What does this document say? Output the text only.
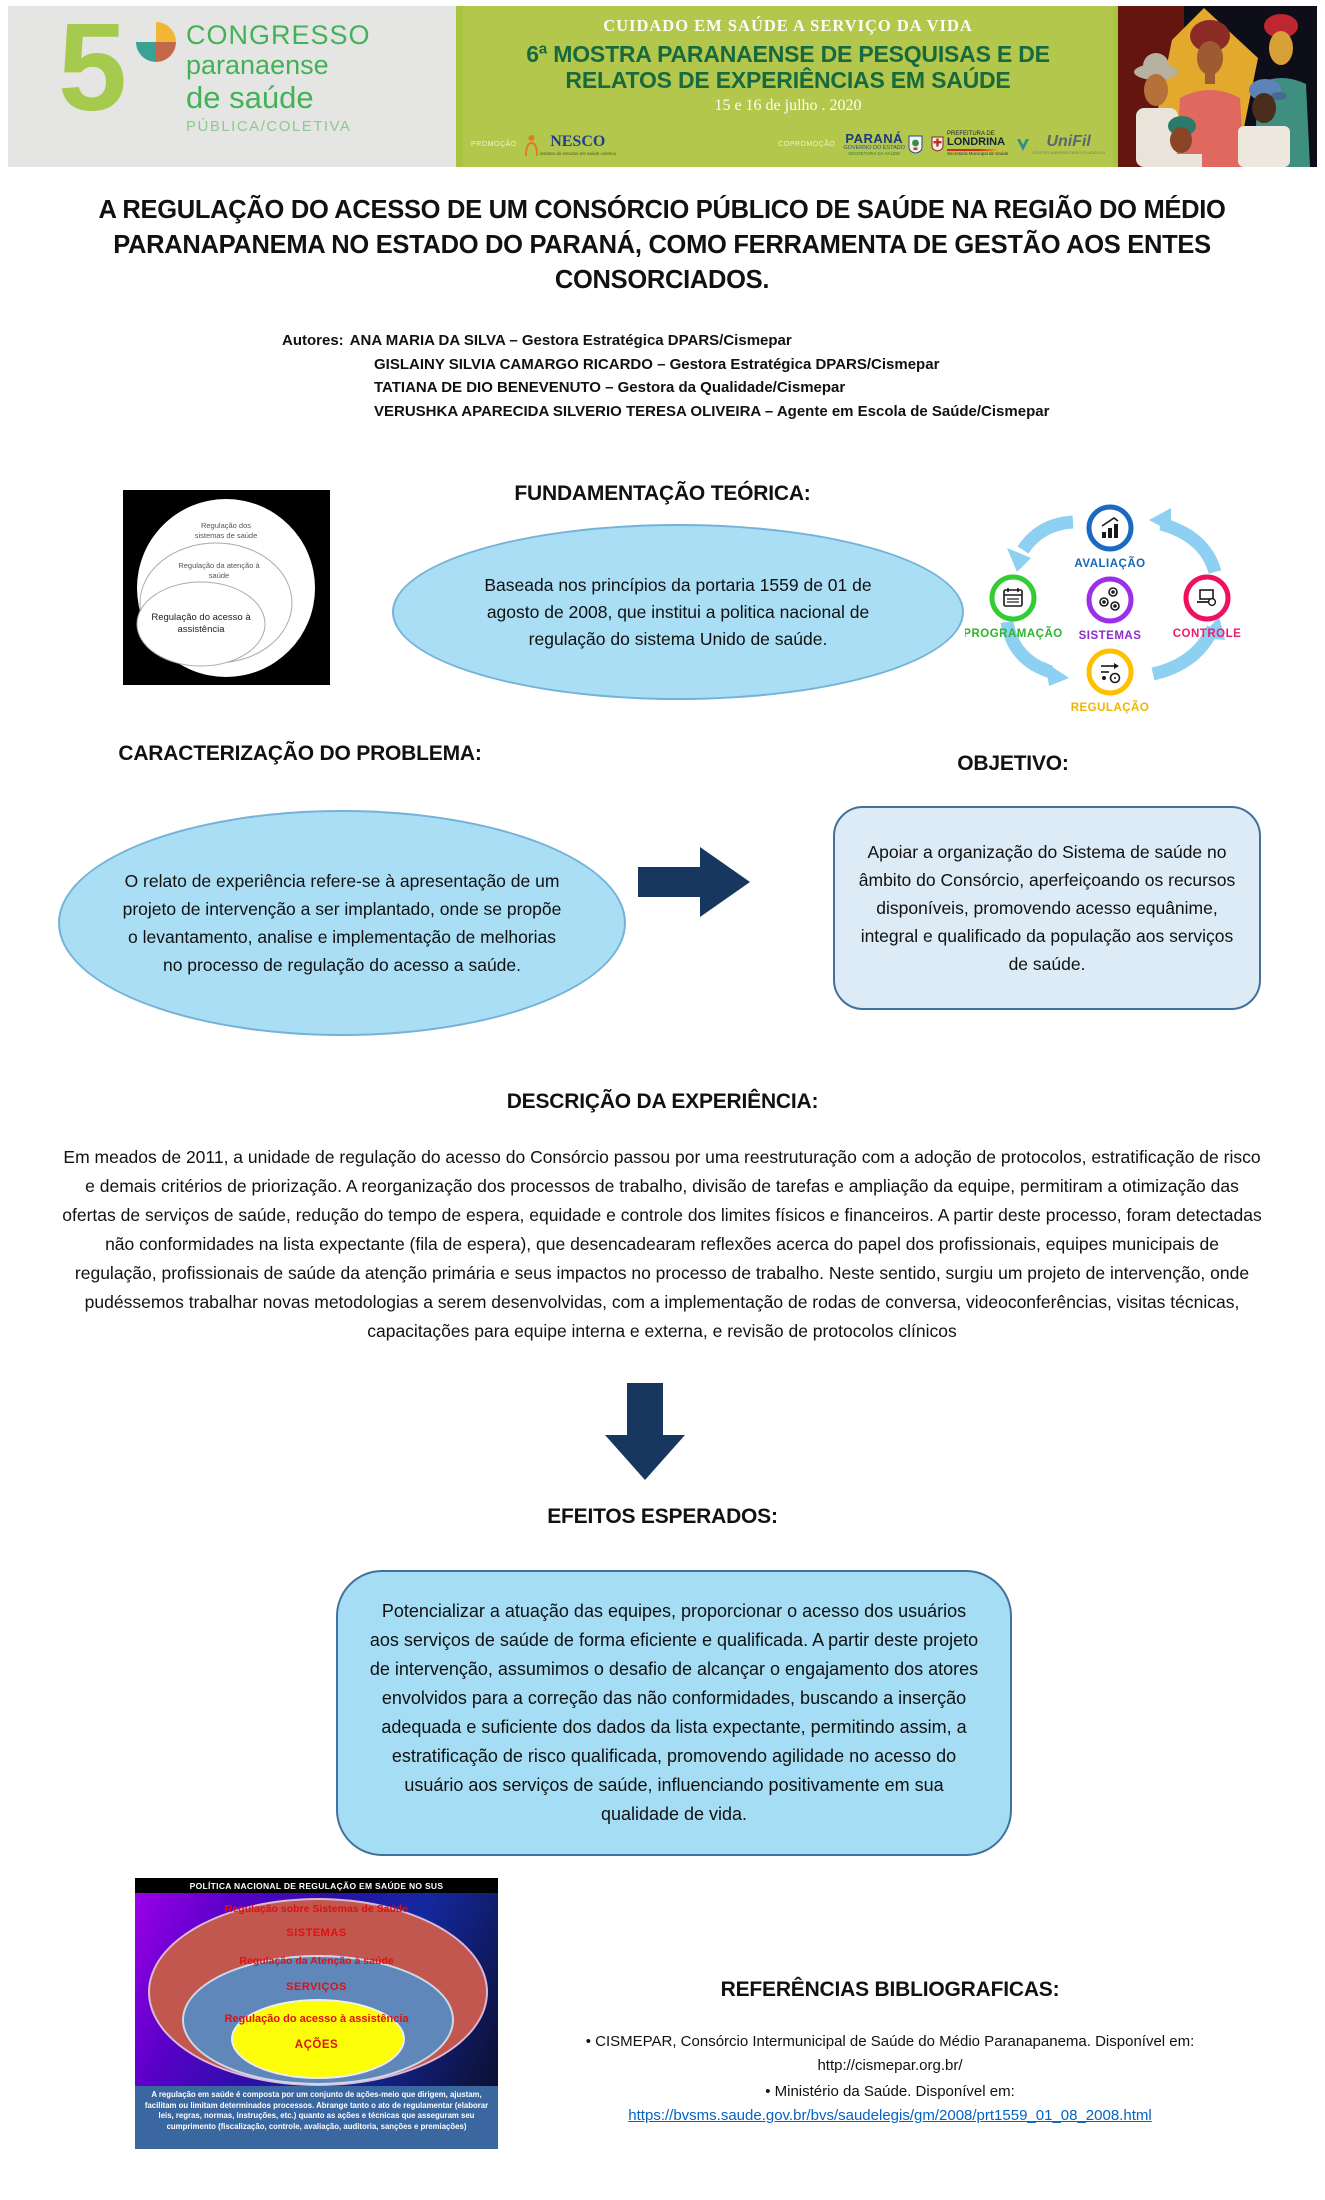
5 CONGRESSO
paranaense
de saúde
PÚBLICA/COLETIVA
CUIDADO EM SAÚDE A SERVIÇO DA VIDA
6ª MOSTRA PARANAENSE DE PESQUISAS E DE
RELATOS DE EXPERIÊNCIAS EM SAÚDE
15 e 16 de julho . 2020
PROMOÇÃO	NESCO
instituto de estudos em saúde coletiva
COPROMOÇÃO PARANÁ
GOVERNO DO ESTADO
SECRETARIA DA SAÚDE
PREFEITURA DE
LONDRINA
Secretaria Municipal de Saúde
UniFil
CENTRO UNIVERSITÁRIO FILADÉLFIA
A REGULAÇÃO DO ACESSO DE UM CONSÓRCIO PÚBLICO DE SAÚDE NA REGIÃO DO MÉDIO PARANAPANEMA NO ESTADO DO PARANÁ, COMO FERRAMENTA DE GESTÃO AOS ENTES CONSORCIADOS.
Autores: ANA MARIA DA SILVA – Gestora Estratégica DPARS/Cismepar
GISLAINY SILVIA CAMARGO RICARDO – Gestora Estratégica DPARS/Cismepar
TATIANA DE DIO BENEVENUTO – Gestora da Qualidade/Cismepar
VERUSHKA APARECIDA SILVERIO TERESA OLIVEIRA – Agente em Escola de Saúde/Cismepar
FUNDAMENTAÇÃO TEÓRICA:
Regulação dos
sistemas de saúde
Regulação da atenção à
saúde
Regulação do acesso à
assistência
Baseada nos princípios da portaria 1559 de 01 de agosto de 2008, que institui a politica nacional de regulação do sistema Unido de saúde.
AVALIAÇÃO
PROGRAMAÇÃO SISTEMAS	CONTROLE
REGULAÇÃO
CARACTERIZAÇÃO DO PROBLEMA:
O relato de experiência refere-se à apresentação de um projeto de intervenção a ser implantado, onde se propõe o levantamento, analise e implementação de melhorias no processo de regulação do acesso a saúde.
OBJETIVO:
Apoiar a organização do Sistema de saúde no âmbito do Consórcio, aperfeiçoando os recursos disponíveis, promovendo acesso equânime, integral e qualificado da população aos serviços de saúde.
DESCRIÇÃO DA EXPERIÊNCIA:
Em meados de 2011, a unidade de regulação do acesso do Consórcio passou por uma reestruturação com a adoção de protocolos, estratificação de risco e demais critérios de priorização. A reorganização dos processos de trabalho, divisão de tarefas e ampliação da equipe, permitiram a otimização das ofertas de serviços de saúde, redução do tempo de espera, equidade e controle dos limites físicos e financeiros. A partir deste processo, foram detectadas não conformidades na lista expectante (fila de espera), que desencadearam reflexões acerca do papel dos profissionais, equipes municipais de regulação, profissionais de saúde da atenção primária e seus impactos no processo de trabalho. Neste sentido, surgiu um projeto de intervenção, onde pudéssemos trabalhar novas metodologias a serem desenvolvidas, com a implementação de rodas de conversa, videoconferências, visitas técnicas, capacitações para equipe interna e externa, e revisão de protocolos clínicos
EFEITOS ESPERADOS:
Potencializar a atuação das equipes, proporcionar o acesso dos usuários aos serviços de saúde de forma eficiente e qualificada. A partir deste projeto de intervenção, assumimos o desafio de alcançar o engajamento dos atores envolvidos para a correção das não conformidades, buscando a inserção adequada e suficiente dos dados da lista expectante, permitindo assim, a estratificação de risco qualificada, promovendo agilidade no acesso do usuário aos serviços de saúde, influenciando positivamente em sua qualidade de vida.
POLÍTICA NACIONAL DE REGULAÇÃO EM SAÚDE NO SUS
Regulação sobre Sistemas de Saúde
SISTEMAS
Regulação da Atenção à saúde
SERVIÇOS
Regulação do acesso à assistência
AÇÕES
A regulação em saúde é composta por um conjunto de ações-meio que dirigem, ajustam, facilitam ou limitam determinados processos. Abrange tanto o ato de regulamentar (elaborar leis, regras, normas, instruções, etc.) quanto as ações e técnicas que asseguram seu cumprimento (fiscalização, controle, avaliação, auditoria, sanções e premiações)
REFERÊNCIAS BIBLIOGRAFICAS:
• CISMEPAR, Consórcio Intermunicipal de Saúde do Médio Paranapanema. Disponível em: http://cismepar.org.br/
• Ministério da Saúde. Disponível em:
https://bvsms.saude.gov.br/bvs/saudelegis/gm/2008/prt1559_01_08_2008.html
